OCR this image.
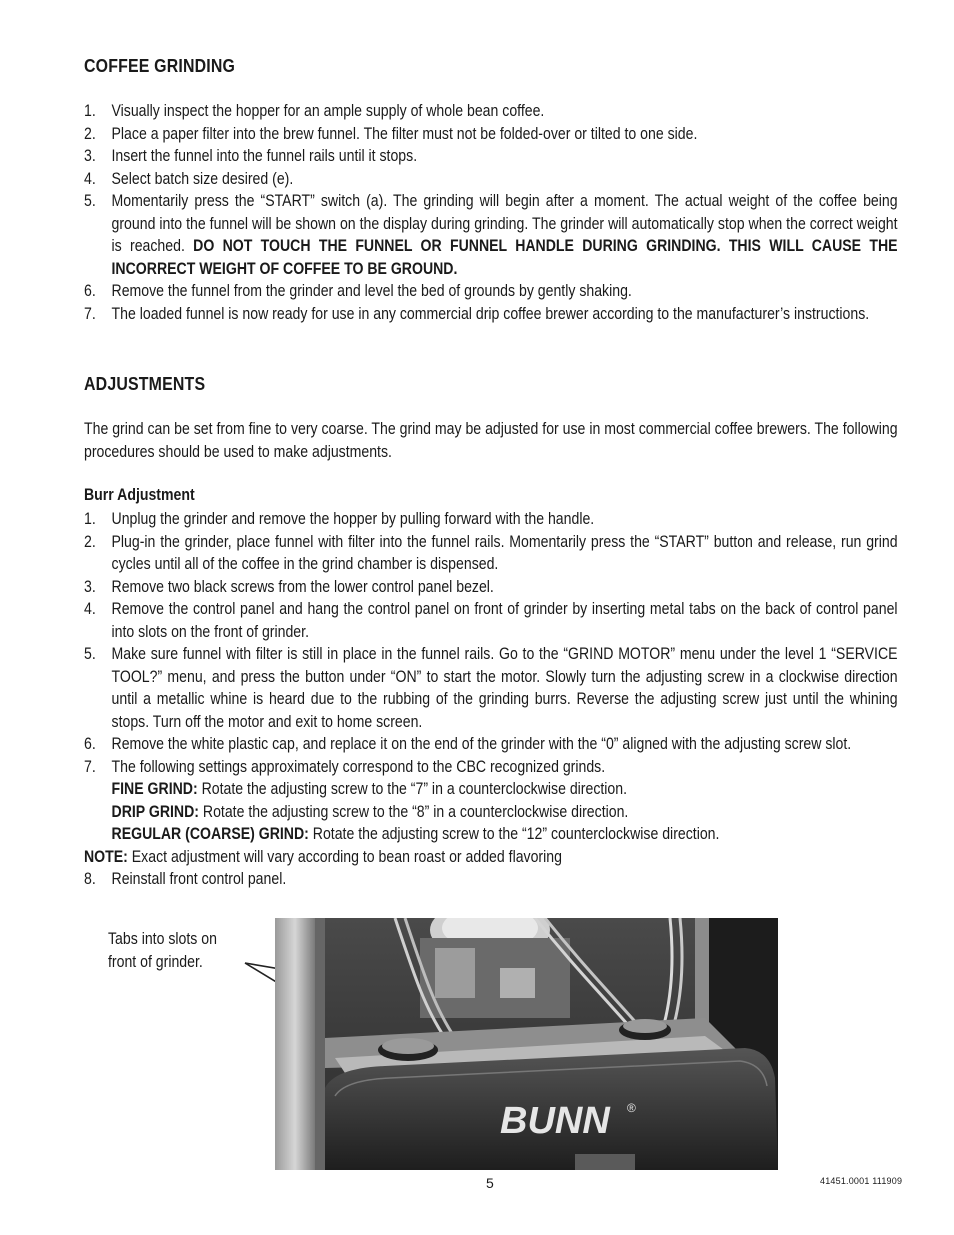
COFFEE GRINDING
1. Visually inspect the hopper for an ample supply of whole bean coffee.
2. Place a paper filter into the brew funnel. The filter must not be folded-over or tilted to one side.
3. Insert the funnel into the funnel rails until it stops.
4. Select batch size desired (e).
5. Momentarily press the “START” switch (a). The grinding will begin after a moment. The actual weight of the coffee being ground into the funnel will be shown on the display during grinding. The grinder will automatically stop when the correct weight is reached. DO NOT TOUCH THE FUNNEL OR FUNNEL HANDLE DURING GRINDING. THIS WILL CAUSE THE INCORRECT WEIGHT OF COFFEE TO BE GROUND.
6. Remove the funnel from the grinder and level the bed of grounds by gently shaking.
7. The loaded funnel is now ready for use in any commercial drip coffee brewer according to the manufacturer’s instructions.
ADJUSTMENTS
The grind can be set from fine to very coarse. The grind may be adjusted for use in most commercial coffee brewers. The following procedures should be used to make adjustments.
Burr Adjustment
1. Unplug the grinder and remove the hopper by pulling forward with the handle.
2. Plug-in the grinder, place funnel with filter into the funnel rails. Momentarily press the “START” button and release, run grind cycles until all of the coffee in the grind chamber is dispensed.
3. Remove two black screws from the lower control panel bezel.
4. Remove the control panel and hang the control panel on front of grinder by inserting metal tabs on the back of control panel into slots on the front of grinder.
5. Make sure funnel with filter is still in place in the funnel rails. Go to the “GRIND MOTOR” menu under the level 1 “SERVICE TOOL?” menu, and press the button under “ON” to start the motor. Slowly turn the adjusting screw in a clockwise direction until a metallic whine is heard due to the rubbing of the grinding burrs. Reverse the adjusting screw just until the whining stops. Turn off the motor and exit to home screen.
6. Remove the white plastic cap, and replace it on the end of the grinder with the “0” aligned with the adjusting screw slot.
7. The following settings approximately correspond to the CBC recognized grinds.
FINE GRIND: Rotate the adjusting screw to the “7” in a counterclockwise direction.
DRIP GRIND: Rotate the adjusting screw to the “8” in a counterclockwise direction.
REGULAR (COARSE) GRIND: Rotate the adjusting screw to the “12” counterclockwise direction.
NOTE: Exact adjustment will vary according to bean roast or added flavoring
8. Reinstall front control panel.
Tabs into slots on
front of grinder.
BUNN ®
5	41451.0001 111909
